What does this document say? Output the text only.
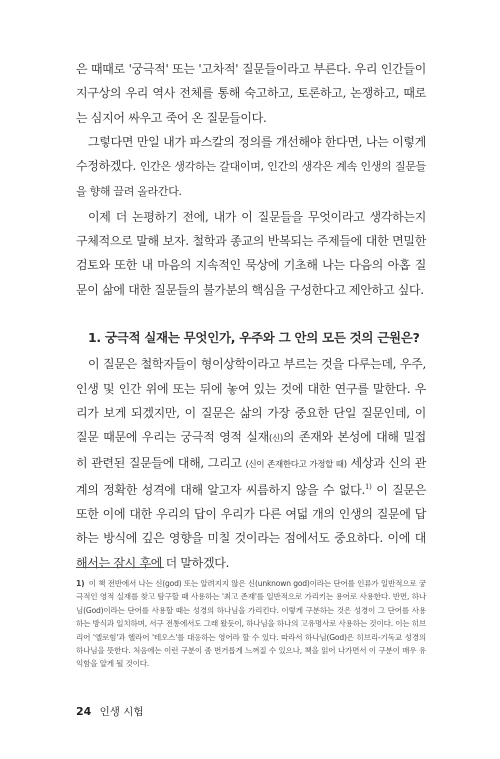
은 때때로 '궁극적' 또는 '고차적' 질문들이라고 부른다. 우리 인간들이 지구상의 우리 역사 전체를 통해 숙고하고, 토론하고, 논쟁하고, 때로는 심지어 싸우고 죽어 온 질문들이다.

그렇다면 만일 내가 파스칼의 정의를 개선해야 한다면, 나는 이렇게 수정하겠다. 인간은 생각하는 갈대이며, 인간의 생각은 계속 인생의 질문들을 향해 끌려 올라간다.

이제 더 논평하기 전에, 내가 이 질문들을 무엇이라고 생각하는지 구체적으로 말해 보자. 철학과 종교의 반복되는 주제들에 대한 면밀한 검토와 또한 내 마음의 지속적인 묵상에 기초해 나는 다음의 아홉 질문이 삶에 대한 질문들의 불가분의 핵심을 구성한다고 제안하고 싶다.

1. 궁극적 실재는 무엇인가, 우주와 그 안의 모든 것의 근원은?

이 질문은 철학자들이 형이상학이라고 부르는 것을 다루는데, 우주, 인생 및 인간 위에 또는 뒤에 놓여 있는 것에 대한 연구를 말한다. 우리가 보게 되겠지만, 이 질문은 삶의 가장 중요한 단일 질문인데, 이 질문 때문에 우리는 궁극적 영적 실재(신)의 존재와 본성에 대해 밀접히 관련된 질문들에 대해, 그리고 (신이 존재한다고 가정할 때) 세상과 신의 관계의 정확한 성격에 대해 알고자 씨름하지 않을 수 없다.$^{1)}$ 이 질문은 또한 이에 대한 우리의 답이 우리가 다른 여덟 개의 인생의 질문에 답하는 방식에 깊은 영향을 미칠 것이라는 점에서도 중요하다. 이에 대해서는 잠시 후에 더 말하겠다.

1) 이 책 전반에서 나는 신(god) 또는 알려지지 않은 신(unknown god)이라는 단어를 인류가 일반적으로 궁극적인 영적 실재를 찾고 탐구할 때 사용하는 '최고 존재'를 일반적으로 가리키는 용어로 사용한다. 반면, 하나님(God)이라는 단어를 사용할 때는 성경의 하나님을 가리킨다. 이렇게 구분하는 것은 성경이 그 단어를 사용하는 방식과 일치하며, 서구 전통에서도 그래 왔듯이, 하나님을 하나의 고유명사로 사용하는 것이다. 이는 히브리어 '엘로힘'과 헬라어 '테오스'를 대응하는 영어라 할 수 있다. 따라서 하나님(God)은 히브리-기독교 성경의 하나님을 뜻한다. 처음에는 이런 구분이 좀 번거롭게 느껴질 수 있으나, 책을 읽어 나가면서 이 구분이 매우 유익함을 알게 될 것이다.
24 인생 시험
